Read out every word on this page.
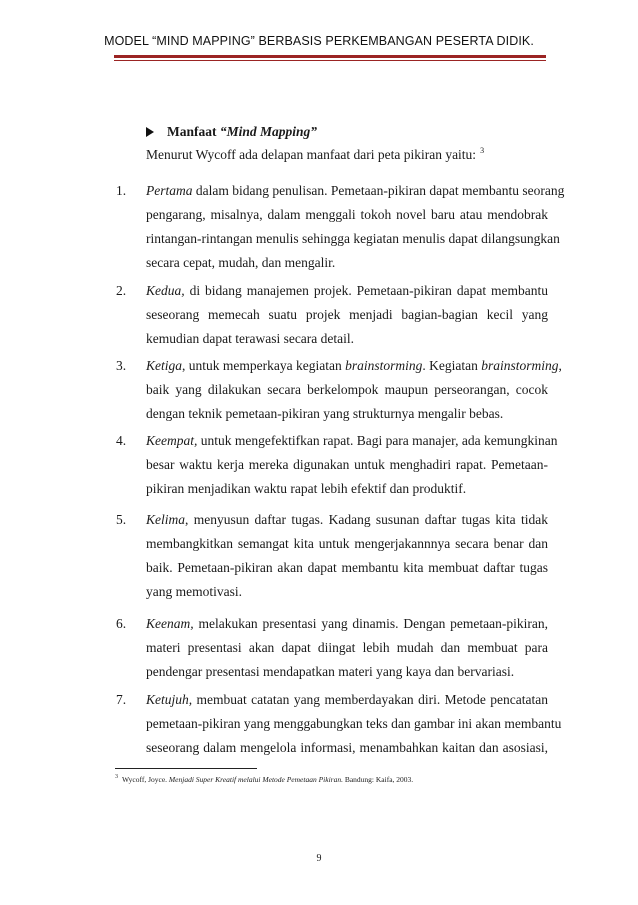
MODEL “MIND MAPPING” BERBASIS PERKEMBANGAN PESERTA DIDIK.
Manfaat “Mind Mapping”
Menurut Wycoff ada delapan manfaat dari peta pikiran yaitu: $^3$
1. Pertama dalam bidang penulisan. Pemetaan-pikiran dapat membantu seorang
pengarang, misalnya, dalam menggali tokoh novel baru atau mendobrak
rintangan-rintangan menulis sehingga kegiatan menulis dapat dilangsungkan
secara cepat, mudah, dan mengalir.
2. Kedua, di bidang manajemen projek. Pemetaan-pikiran dapat membantu
seseorang memecah suatu projek menjadi bagian-bagian kecil yang
kemudian dapat terawasi secara detail.
3. Ketiga, untuk memperkaya kegiatan brainstorming. Kegiatan brainstorming,
baik yang dilakukan secara berkelompok maupun perseorangan, cocok
dengan teknik pemetaan-pikiran yang strukturnya mengalir bebas.
4. Keempat, untuk mengefektifkan rapat. Bagi para manajer, ada kemungkinan
besar waktu kerja mereka digunakan untuk menghadiri rapat. Pemetaan-
pikiran menjadikan waktu rapat lebih efektif dan produktif.
5. Kelima, menyusun daftar tugas. Kadang susunan daftar tugas kita tidak
membangkitkan semangat kita untuk mengerjakannnya secara benar dan
baik. Pemetaan-pikiran akan dapat membantu kita membuat daftar tugas
yang memotivasi.
6. Keenam, melakukan presentasi yang dinamis. Dengan pemetaan-pikiran,
materi presentasi akan dapat diingat lebih mudah dan membuat para
pendengar presentasi mendapatkan materi yang kaya dan bervariasi.
7. Ketujuh, membuat catatan yang memberdayakan diri. Metode pencatatan
pemetaan-pikiran yang menggabungkan teks dan gambar ini akan membantu
seseorang dalam mengelola informasi, menambahkan kaitan dan asosiasi,
$^3$ Wycoff, Joyce. Menjadi Super Kreatif melalui Metode Pemetaan Pikiran. Bandung: Kaifa, 2003.
9
